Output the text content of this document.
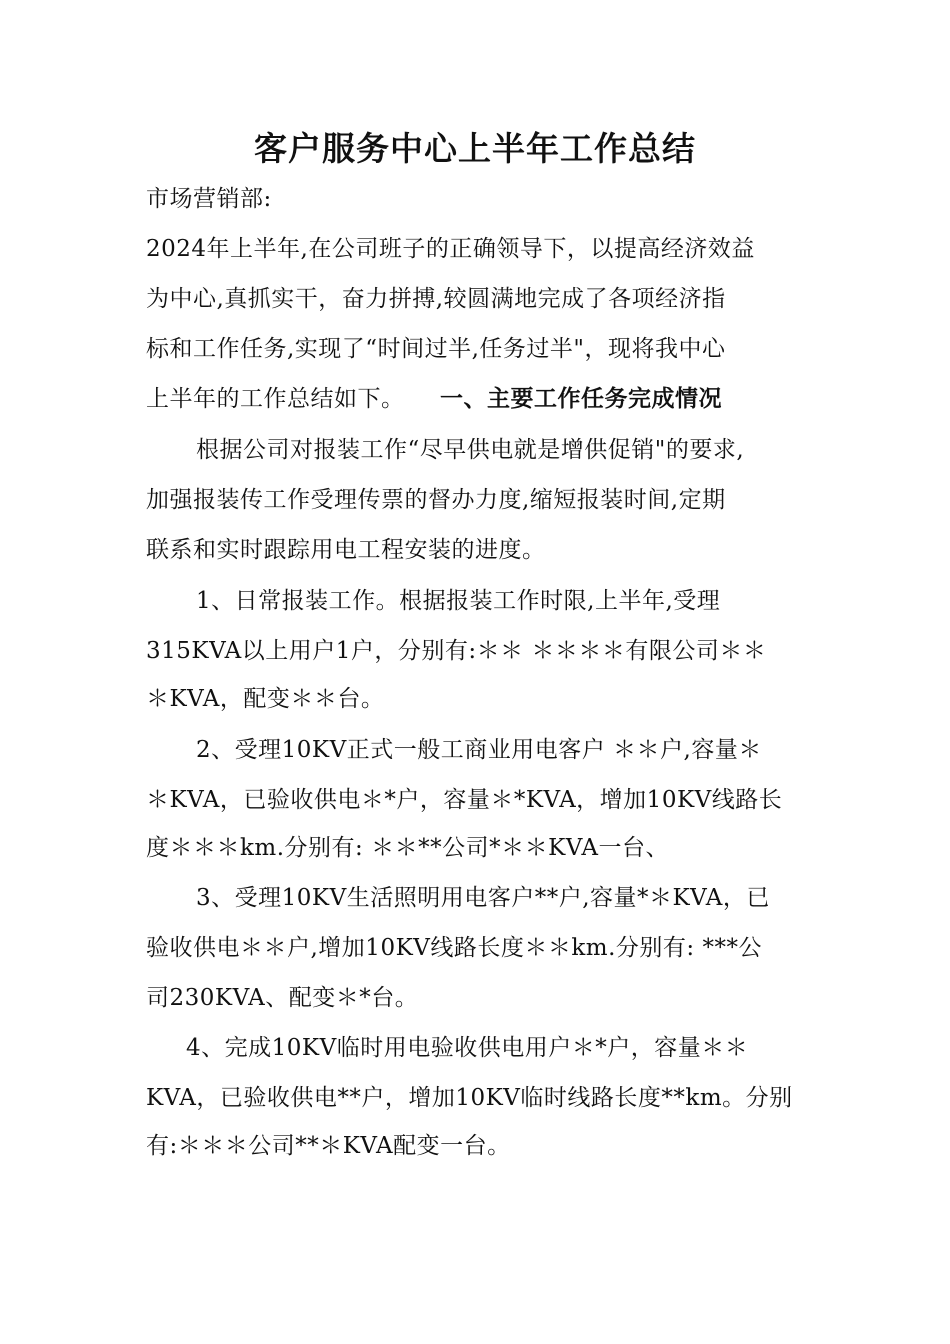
客户服务中心上半年工作总结
市场营销部:
2024年上半年,在公司班子的正确领导下，以提高经济效益
为中心,真抓实干，奋力拼搏,较圆满地完成了各项经济指
标和工作任务,实现了“时间过半,任务过半"，现将我中心
上半年的工作总结如下。 一、主要工作任务完成情况
根据公司对报装工作“尽早供电就是增供促销"的要求,
加强报装传工作受理传票的督办力度,缩短报装时间,定期
联系和实时跟踪用电工程安装的进度。
1、日常报装工作。根据报装工作时限,上半年,受理
315KVA以上用户1户，分别有:＊＊ ＊＊＊＊有限公司＊＊
＊KVA，配变＊＊台。
2、受理10KV正式一般工商业用电客户 ＊＊户,容量＊
＊KVA，已验收供电＊*户，容量＊*KVA，增加10KV线路长
度＊＊＊km.分别有: ＊＊**公司*＊＊KVA一台、
3、受理10KV生活照明用电客户**户,容量*＊KVA，已
验收供电＊＊户,增加10KV线路长度＊＊km.分别有: ***公
司230KVA、配变＊*台。
4、完成10KV临时用电验收供电用户＊*户，容量＊＊
KVA，已验收供电**户，增加10KV临时线路长度**km。分别
有:＊＊＊公司**＊KVA配变一台。
